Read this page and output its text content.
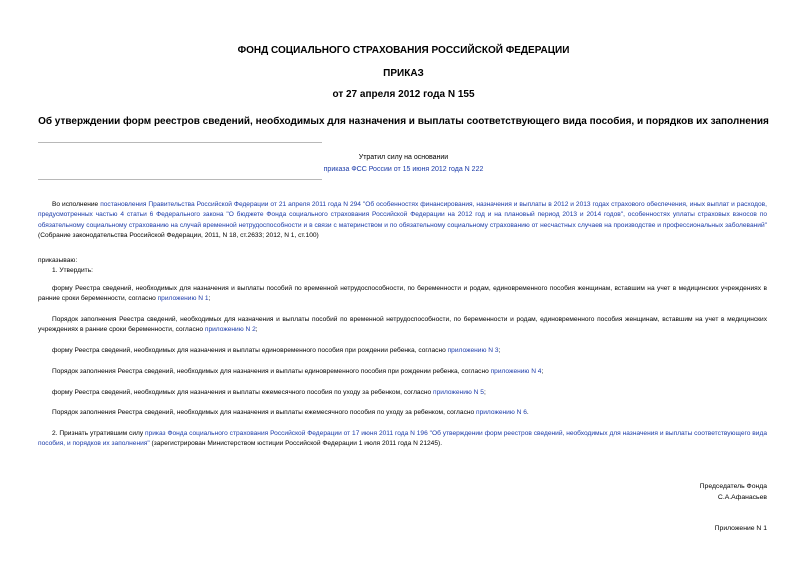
ФОНД СОЦИАЛЬНОГО СТРАХОВАНИЯ РОССИЙСКОЙ ФЕДЕРАЦИИ
ПРИКАЗ
от 27 апреля 2012 года N 155
Об утверждении форм реестров сведений, необходимых для назначения и выплаты соответствующего вида пособия, и порядков их заполнения
Утратил силу на основании
приказа ФСС России от 15 июня 2012 года N 222
Во исполнение постановления Правительства Российской Федерации от 21 апреля 2011 года N 294 "Об особенностях финансирования, назначения и выплаты в 2012 и 2013 годах страхового обеспечения, иных выплат и расходов, предусмотренных частью 4 статьи 6 Федерального закона "О бюджете Фонда социального страхования Российской Федерации на 2012 год и на плановый период 2013 и 2014 годов", особенностях уплаты страховых взносов по обязательному социальному страхованию на случай временной нетрудоспособности и в связи с материнством и по обязательному социальному страхованию от несчастных случаев на производстве и профессиональных заболеваний" (Собрание законодательства Российской Федерации, 2011, N 18, ст.2633; 2012, N 1, ст.100)
приказываю:
1. Утвердить:
форму Реестра сведений, необходимых для назначения и выплаты пособий по временной нетрудоспособности, по беременности и родам, единовременного пособия женщинам, вставшим на учет в медицинских учреждениях в ранние сроки беременности, согласно приложению N 1;
Порядок заполнения Реестра сведений, необходимых для назначения и выплаты пособий по временной нетрудоспособности, по беременности и родам, единовременного пособия женщинам, вставшим на учет в медицинских учреждениях в ранние сроки беременности, согласно приложению N 2;
форму Реестра сведений, необходимых для назначения и выплаты единовременного пособия при рождении ребенка, согласно приложению N 3;
Порядок заполнения Реестра сведений, необходимых для назначения и выплаты единовременного пособия при рождении ребенка, согласно приложению N 4;
форму Реестра сведений, необходимых для назначения и выплаты ежемесячного пособия по уходу за ребенком, согласно приложению N 5;
Порядок заполнения Реестра сведений, необходимых для назначения и выплаты ежемесячного пособия по уходу за ребенком, согласно приложению N 6.
2. Признать утратившим силу приказ Фонда социального страхования Российской Федерации от 17 июня 2011 года N 196 "Об утверждении форм реестров сведений, необходимых для назначения и выплаты соответствующего вида пособия, и порядков их заполнения" (зарегистрирован Министерством юстиции Российской Федерации 1 июля 2011 года N 21245).
Председатель Фонда
С.А.Афанасьев
Приложение N 1
